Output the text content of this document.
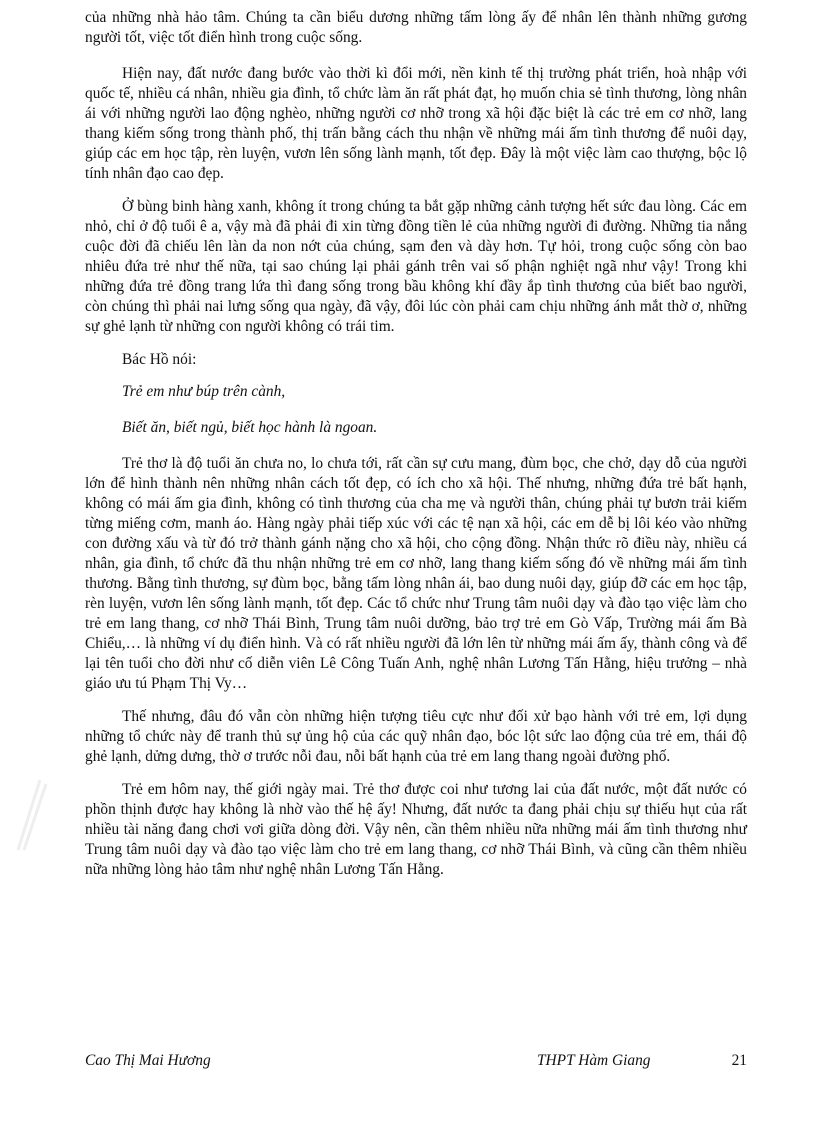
của những nhà hảo tâm. Chúng ta cần biểu dương những tấm lòng ấy để nhân lên thành những gương người tốt, việc tốt điển hình trong cuộc sống.

Hiện nay, đất nước đang bước vào thời kì đổi mới, nền kinh tế thị trường phát triển, hoà nhập với quốc tế, nhiều cá nhân, nhiều gia đình, tổ chức làm ăn rất phát đạt, họ muốn chia sẻ tình thương, lòng nhân ái với những người lao động nghèo, những người cơ nhỡ trong xã hội đặc biệt là các trẻ em cơ nhỡ, lang thang kiếm sống trong thành phố, thị trấn bằng cách thu nhận về những mái ấm tình thương để nuôi dạy, giúp các em học tập, rèn luyện, vươn lên sống lành mạnh, tốt đẹp. Đây là một việc làm cao thượng, bộc lộ tính nhân đạo cao đẹp.

Ở bùng binh hàng xanh, không ít trong chúng ta bắt gặp những cảnh tượng hết sức đau lòng. Các em nhỏ, chỉ ở độ tuổi ê a, vậy mà đã phải đi xin từng đồng tiền lẻ của những người đi đường. Những tia nắng cuộc đời đã chiếu lên làn da non nớt của chúng, sạm đen và dày hơn. Tự hỏi, trong cuộc sống còn bao nhiêu đứa trẻ như thế nữa, tại sao chúng lại phải gánh trên vai số phận nghiệt ngã như vậy! Trong khi những đứa trẻ đồng trang lứa thì đang sống trong bầu không khí đầy ắp tình thương của biết bao người, còn chúng thì phải nai lưng sống qua ngày, đã vậy, đôi lúc còn phải cam chịu những ánh mắt thờ ơ, những sự ghẻ lạnh từ những con người không có trái tim.

Bác Hồ nói:

Trẻ em như búp trên cành,

Biết ăn, biết ngủ, biết học hành là ngoan.

Trẻ thơ là độ tuổi ăn chưa no, lo chưa tới, rất cần sự cưu mang, đùm bọc, che chở, dạy dỗ của người lớn để hình thành nên những nhân cách tốt đẹp, có ích cho xã hội. Thế nhưng, những đứa trẻ bất hạnh, không có mái ấm gia đình, không có tình thương của cha mẹ và người thân, chúng phải tự bươn trải kiếm từng miếng cơm, manh áo. Hàng ngày phải tiếp xúc với các tệ nạn xã hội, các em dễ bị lôi kéo vào những con đường xấu và từ đó trở thành gánh nặng cho xã hội, cho cộng đồng. Nhận thức rõ điều này, nhiều cá nhân, gia đình, tổ chức đã thu nhận những trẻ em cơ nhỡ, lang thang kiếm sống đó về những mái ấm tình thương. Bằng tình thương, sự đùm bọc, bằng tấm lòng nhân ái, bao dung nuôi dạy, giúp đỡ các em học tập, rèn luyện, vươn lên sống lành mạnh, tốt đẹp. Các tổ chức như Trung tâm nuôi dạy và đào tạo việc làm cho trẻ em lang thang, cơ nhỡ Thái Bình, Trung tâm nuôi dưỡng, bảo trợ trẻ em Gò Vấp, Trường mái ấm Bà Chiểu,… là những ví dụ điển hình. Và có rất nhiều người đã lớn lên từ những mái ấm ấy, thành công và để lại tên tuổi cho đời như cố diễn viên Lê Công Tuấn Anh, nghệ nhân Lương Tấn Hằng, hiệu trưởng – nhà giáo ưu tú Phạm Thị Vy…

Thế nhưng, đâu đó vẫn còn những hiện tượng tiêu cực như đối xử bạo hành với trẻ em, lợi dụng những tổ chức này để tranh thủ sự ủng hộ của các quỹ nhân đạo, bóc lột sức lao động của trẻ em, thái độ ghẻ lạnh, dửng dưng, thờ ơ trước nỗi đau, nỗi bất hạnh của trẻ em lang thang ngoài đường phố.

Trẻ em hôm nay, thế giới ngày mai. Trẻ thơ được coi như tương lai của đất nước, một đất nước có phồn thịnh được hay không là nhờ vào thế hệ ấy! Nhưng, đất nước ta đang phải chịu sự thiếu hụt của rất nhiều tài năng đang chơi vơi giữa dòng đời. Vậy nên, cần thêm nhiều nữa những mái ấm tình thương như Trung tâm nuôi dạy và đào tạo việc làm cho trẻ em lang thang, cơ nhỡ Thái Bình, và cũng cần thêm nhiều nữa những lòng hảo tâm như nghệ nhân Lương Tấn Hằng.

Cao Thị Mai Hương	THPT Hàm Giang	21
